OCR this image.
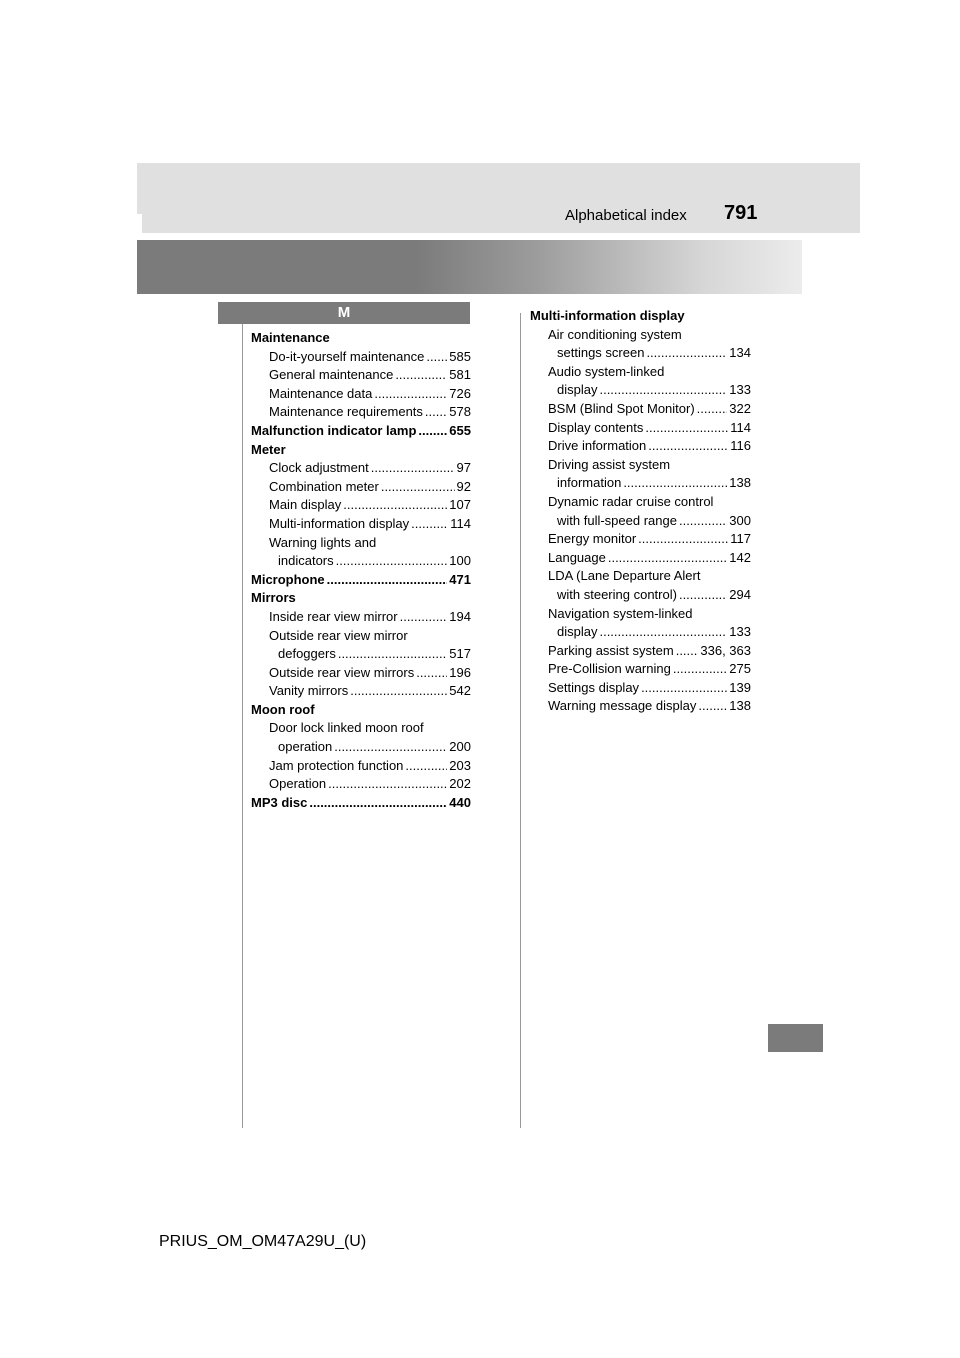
Alphabetical index 791
M
Maintenance
Do-it-yourself maintenance ..... 585
General maintenance .....	581
Maintenance data .....	726
Maintenance requirements ..... 578
Malfunction indicator lamp .....	655
Meter
Clock adjustment .....	97
Combination meter .....	92
Main display .....	107
Multi-information display .....	114
Warning lights and
indicators .....	100
Microphone .....	471
Mirrors
Inside rear view mirror .....	194
Outside rear view mirror
defoggers .....	517
Outside rear view mirrors .....	196
Vanity mirrors .....	542
Moon roof
Door lock linked moon roof
operation .....	200
Jam protection function .....	203
Operation .....	202
MP3 disc .....	440
Multi-information display
Air conditioning system
settings screen .....	134
Audio system-linked
display .....	133
BSM (Blind Spot Monitor) .....	322
Display contents .....	114
Drive information .....	116
Driving assist system
information .....	138
Dynamic radar cruise control
with full-speed range .....	300
Energy monitor .....	117
Language .....	142
LDA (Lane Departure Alert
with steering control) .....	294
Navigation system-linked
display .....	133
Parking assist system ..... 336, 363
Pre-Collision warning .....	275
Settings display .....	139
Warning message display .....	138
PRIUS_OM_OM47A29U_(U)
